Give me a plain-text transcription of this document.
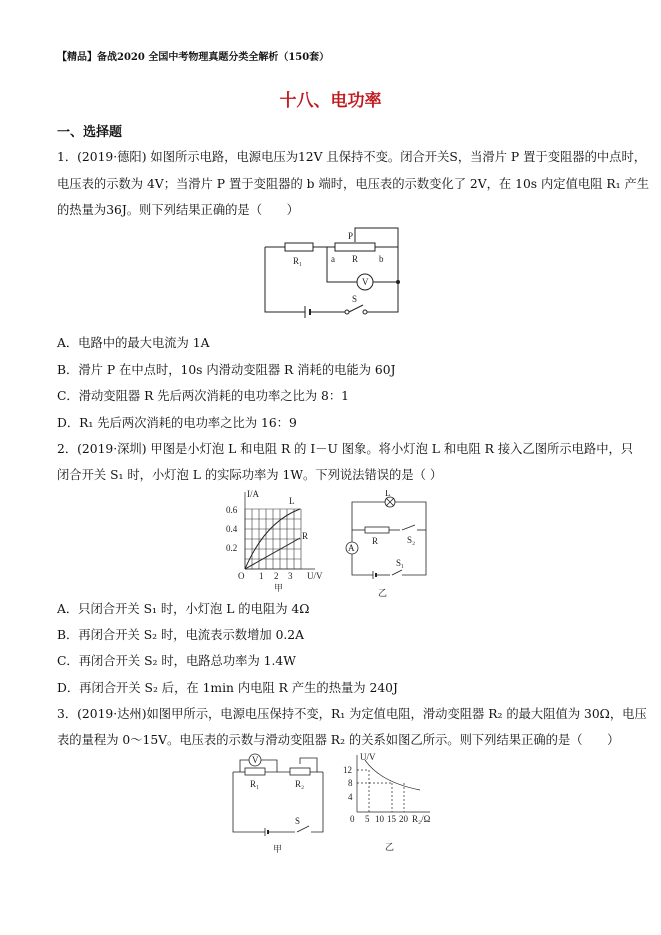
【精品】备战2020 全国中考物理真题分类全解析（150套）
十八、电功率
一、选择题
1．(2019·德阳) 如图所示电路，电源电压为12V 且保持不变。闭合开关S，当滑片 P 置于变阻器的中点时，
电压表的示数为 4V；当滑片 P 置于变阻器的 b 端时，电压表的示数变化了 2V，在 10s 内定值电阻 R₁ 产生
的热量为36J。则下列结果正确的是（　　）
R₁
P
a R b
V
S
A．电路中的最大电流为 1A
B．滑片 P 在中点时，10s 内滑动变阻器 R 消耗的电能为 60J
C．滑动变阻器 R 先后两次消耗的电功率之比为 8：1
D．R₁ 先后两次消耗的电功率之比为 16：9
2．(2019·深圳) 甲图是小灯泡 L 和电阻 R 的 I－U 图象。将小灯泡 L 和电阻 R 接入乙图所示电路中，只
闭合开关 S₁ 时，小灯泡 L 的实际功率为 1W。下列说法错误的是（ ）
I/A
0.6
0.4
0.2
O 1 2 3 U/V
L
R
甲
L
R	S₂
S₁
A
乙
A．只闭合开关 S₁ 时，小灯泡 L 的电阻为 4Ω
B．再闭合开关 S₂ 时，电流表示数增加 0.2A
C．再闭合开关 S₂ 时，电路总功率为 1.4W
D．再闭合开关 S₂ 后，在 1min 内电阻 R 产生的热量为 240J
3．(2019·达州)如图甲所示，电源电压保持不变，R₁ 为定值电阻，滑动变阻器 R₂ 的最大阻值为 30Ω，电压
表的量程为 0～15V。电压表的示数与滑动变阻器 R₂ 的关系如图乙所示。则下列结果正确的是（　　）
V
R₁	R₂
S
甲
U/V
12
8
4
0 5 10 15 20 R₂/Ω
乙
